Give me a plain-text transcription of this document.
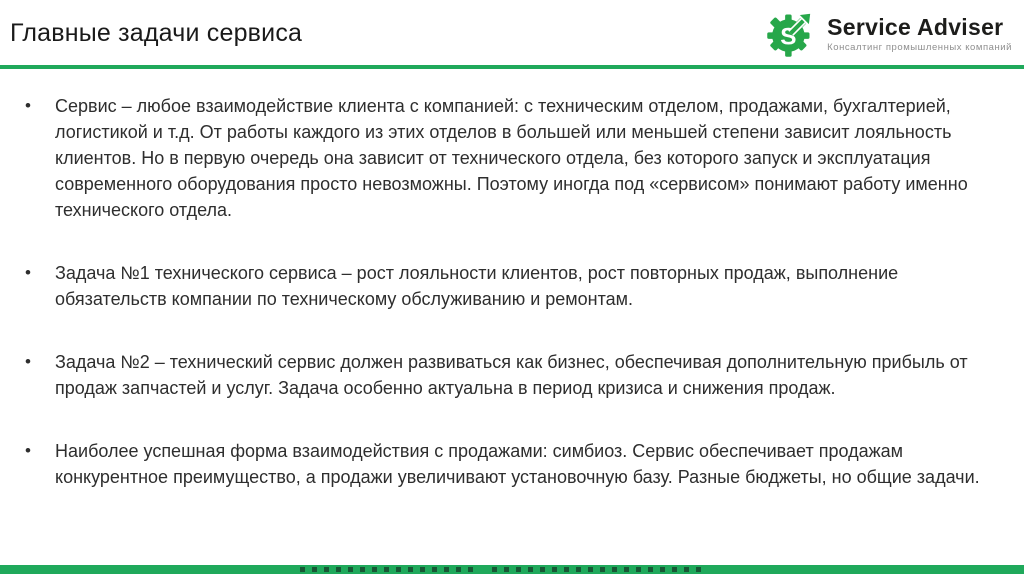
Главные задачи сервиса	S Service Adviser
Консалтинг промышленных компаний
•	Сервис – любое взаимодействие клиента с компанией: с техническим отделом, продажами, бухгалтерией, логистикой и т.д. От работы каждого из этих отделов в большей или меньшей степени зависит лояльность клиентов. Но в первую очередь она зависит от технического отдела, без которого запуск и эксплуатация современного оборудования просто невозможны. Поэтому иногда под «сервисом» понимают работу именно технического отдела.
•	Задача №1 технического сервиса – рост лояльности клиентов, рост повторных продаж, выполнение обязательств компании по техническому обслуживанию и ремонтам.
•	Задача №2 – технический сервис должен развиваться как бизнес, обеспечивая дополнительную прибыль от продаж запчастей и услуг. Задача особенно актуальна в период кризиса и снижения продаж.
•	Наиболее успешная форма взаимодействия с продажами: симбиоз. Сервис обеспечивает продажам конкурентное преимущество, а продажи увеличивают установочную базу. Разные бюджеты, но общие задачи.
